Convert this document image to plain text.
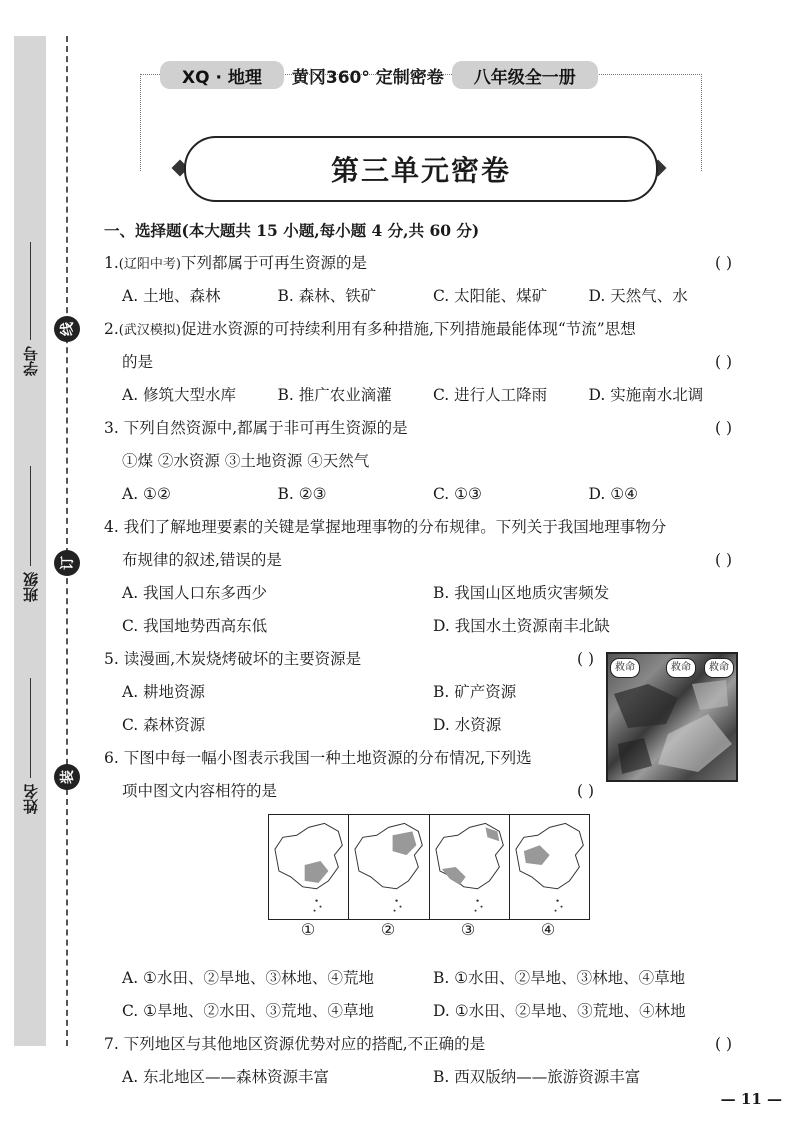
线
订
装
学号
班级
姓名
XQ · 地理	黄冈360° 定制密卷	八年级全一册
第三单元密卷
一、选择题(本大题共 15 小题,每小题 4 分,共 60 分)
1.(辽阳中考)下列都属于可再生资源的是	( )
A. 土地、森林	B. 森林、铁矿	C. 太阳能、煤矿	D. 天然气、水
2.(武汉模拟)促进水资源的可持续利用有多种措施,下列措施最能体现“节流”思想
的是	( )
A. 修筑大型水库	B. 推广农业滴灌	C. 进行人工降雨	D. 实施南水北调
3. 下列自然资源中,都属于非可再生资源的是	( )
①煤 ②水资源 ③土地资源 ④天然气
A. ①②	B. ②③	C. ①③	D. ①④
4. 我们了解地理要素的关键是掌握地理事物的分布规律。下列关于我国地理事物分
布规律的叙述,错误的是	( )
A. 我国人口东多西少	B. 我国山区地质灾害频发
C. 我国地势西高东低	D. 我国水土资源南丰北缺
5. 读漫画,木炭烧烤破坏的主要资源是	( )
A. 耕地资源	B. 矿产资源
C. 森林资源	D. 水资源
6. 下图中每一幅小图表示我国一种土地资源的分布情况,下列选
项中图文内容相符的是	( )
A. ①水田、②旱地、③林地、④荒地	B. ①水田、②旱地、③林地、④草地
C. ①旱地、②水田、③荒地、④草地	D. ①水田、②旱地、③荒地、④林地
7. 下列地区与其他地区资源优势对应的搭配,不正确的是	( )
A. 东北地区——森林资源丰富	B. 西双版纳——旅游资源丰富
救命	救命	救命
①	②	③	④
— 11 —
